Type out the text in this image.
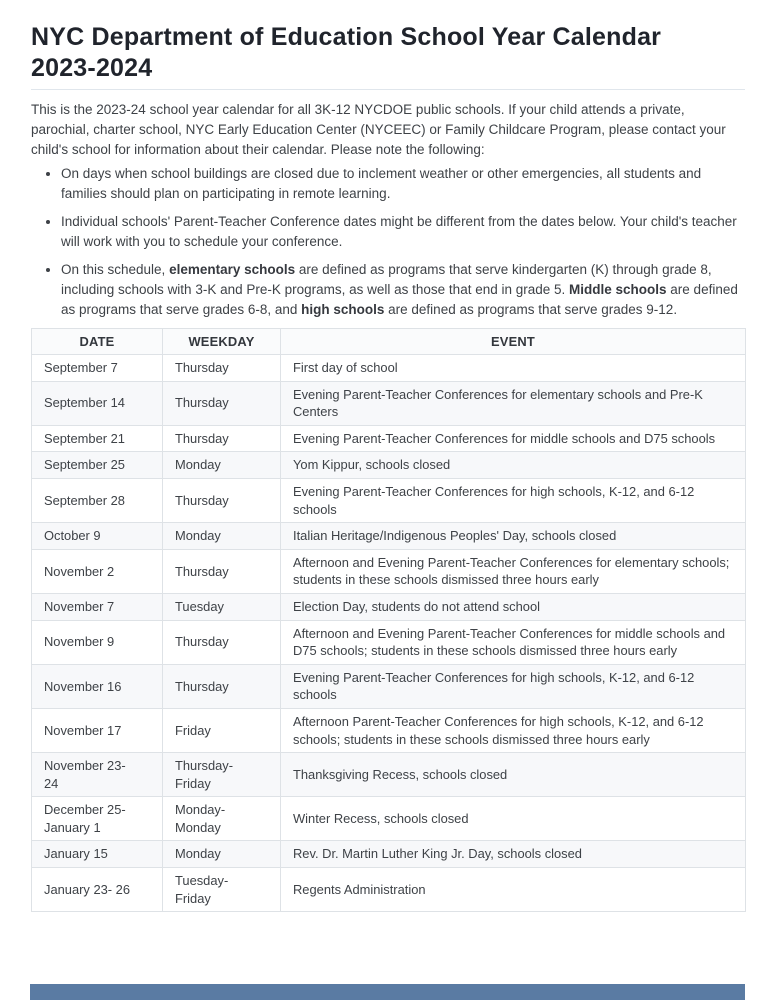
NYC Department of Education School Year Calendar 2023-2024

This is the 2023-24 school year calendar for all 3K-12 NYCDOE public schools. If your child attends a private, parochial, charter school, NYC Early Education Center (NYCEEC) or Family Childcare Program, please contact your child's school for information about their calendar. Please note the following:

• On days when school buildings are closed due to inclement weather or other emergencies, all students and families should plan on participating in remote learning.
• Individual schools' Parent-Teacher Conference dates might be different from the dates below. Your child's teacher will work with you to schedule your conference.
• On this schedule, elementary schools are defined as programs that serve kindergarten (K) through grade 8, including schools with 3-K and Pre-K programs, as well as those that end in grade 5. Middle schools are defined as programs that serve grades 6-8, and high schools are defined as programs that serve grades 9-12.
DATE	WEEKDAY	EVENT
September 7	Thursday	First day of school
September 14	Thursday	Evening Parent-Teacher Conferences for elementary schools and Pre-K Centers
September 21	Thursday	Evening Parent-Teacher Conferences for middle schools and D75 schools
September 25	Monday	Yom Kippur, schools closed
September 28	Thursday	Evening Parent-Teacher Conferences for high schools, K-12, and 6-12 schools
October 9	Monday	Italian Heritage/Indigenous Peoples' Day, schools closed
November 2	Thursday	Afternoon and Evening Parent-Teacher Conferences for elementary schools; students in these schools dismissed three hours early
November 7	Tuesday	Election Day, students do not attend school
November 9	Thursday	Afternoon and Evening Parent-Teacher Conferences for middle schools and D75 schools; students in these schools dismissed three hours early
November 16	Thursday	Evening Parent-Teacher Conferences for high schools, K-12, and 6-12 schools
November 17	Friday	Afternoon Parent-Teacher Conferences for high schools, K-12, and 6-12 schools; students in these schools dismissed three hours early
November 23-24	Thursday-Friday	Thanksgiving Recess, schools closed
December 25-January 1	Monday-Monday	Winter Recess, schools closed
January 15	Monday	Rev. Dr. Martin Luther King Jr. Day, schools closed
January 23- 26	Tuesday-Friday	Regents Administration
